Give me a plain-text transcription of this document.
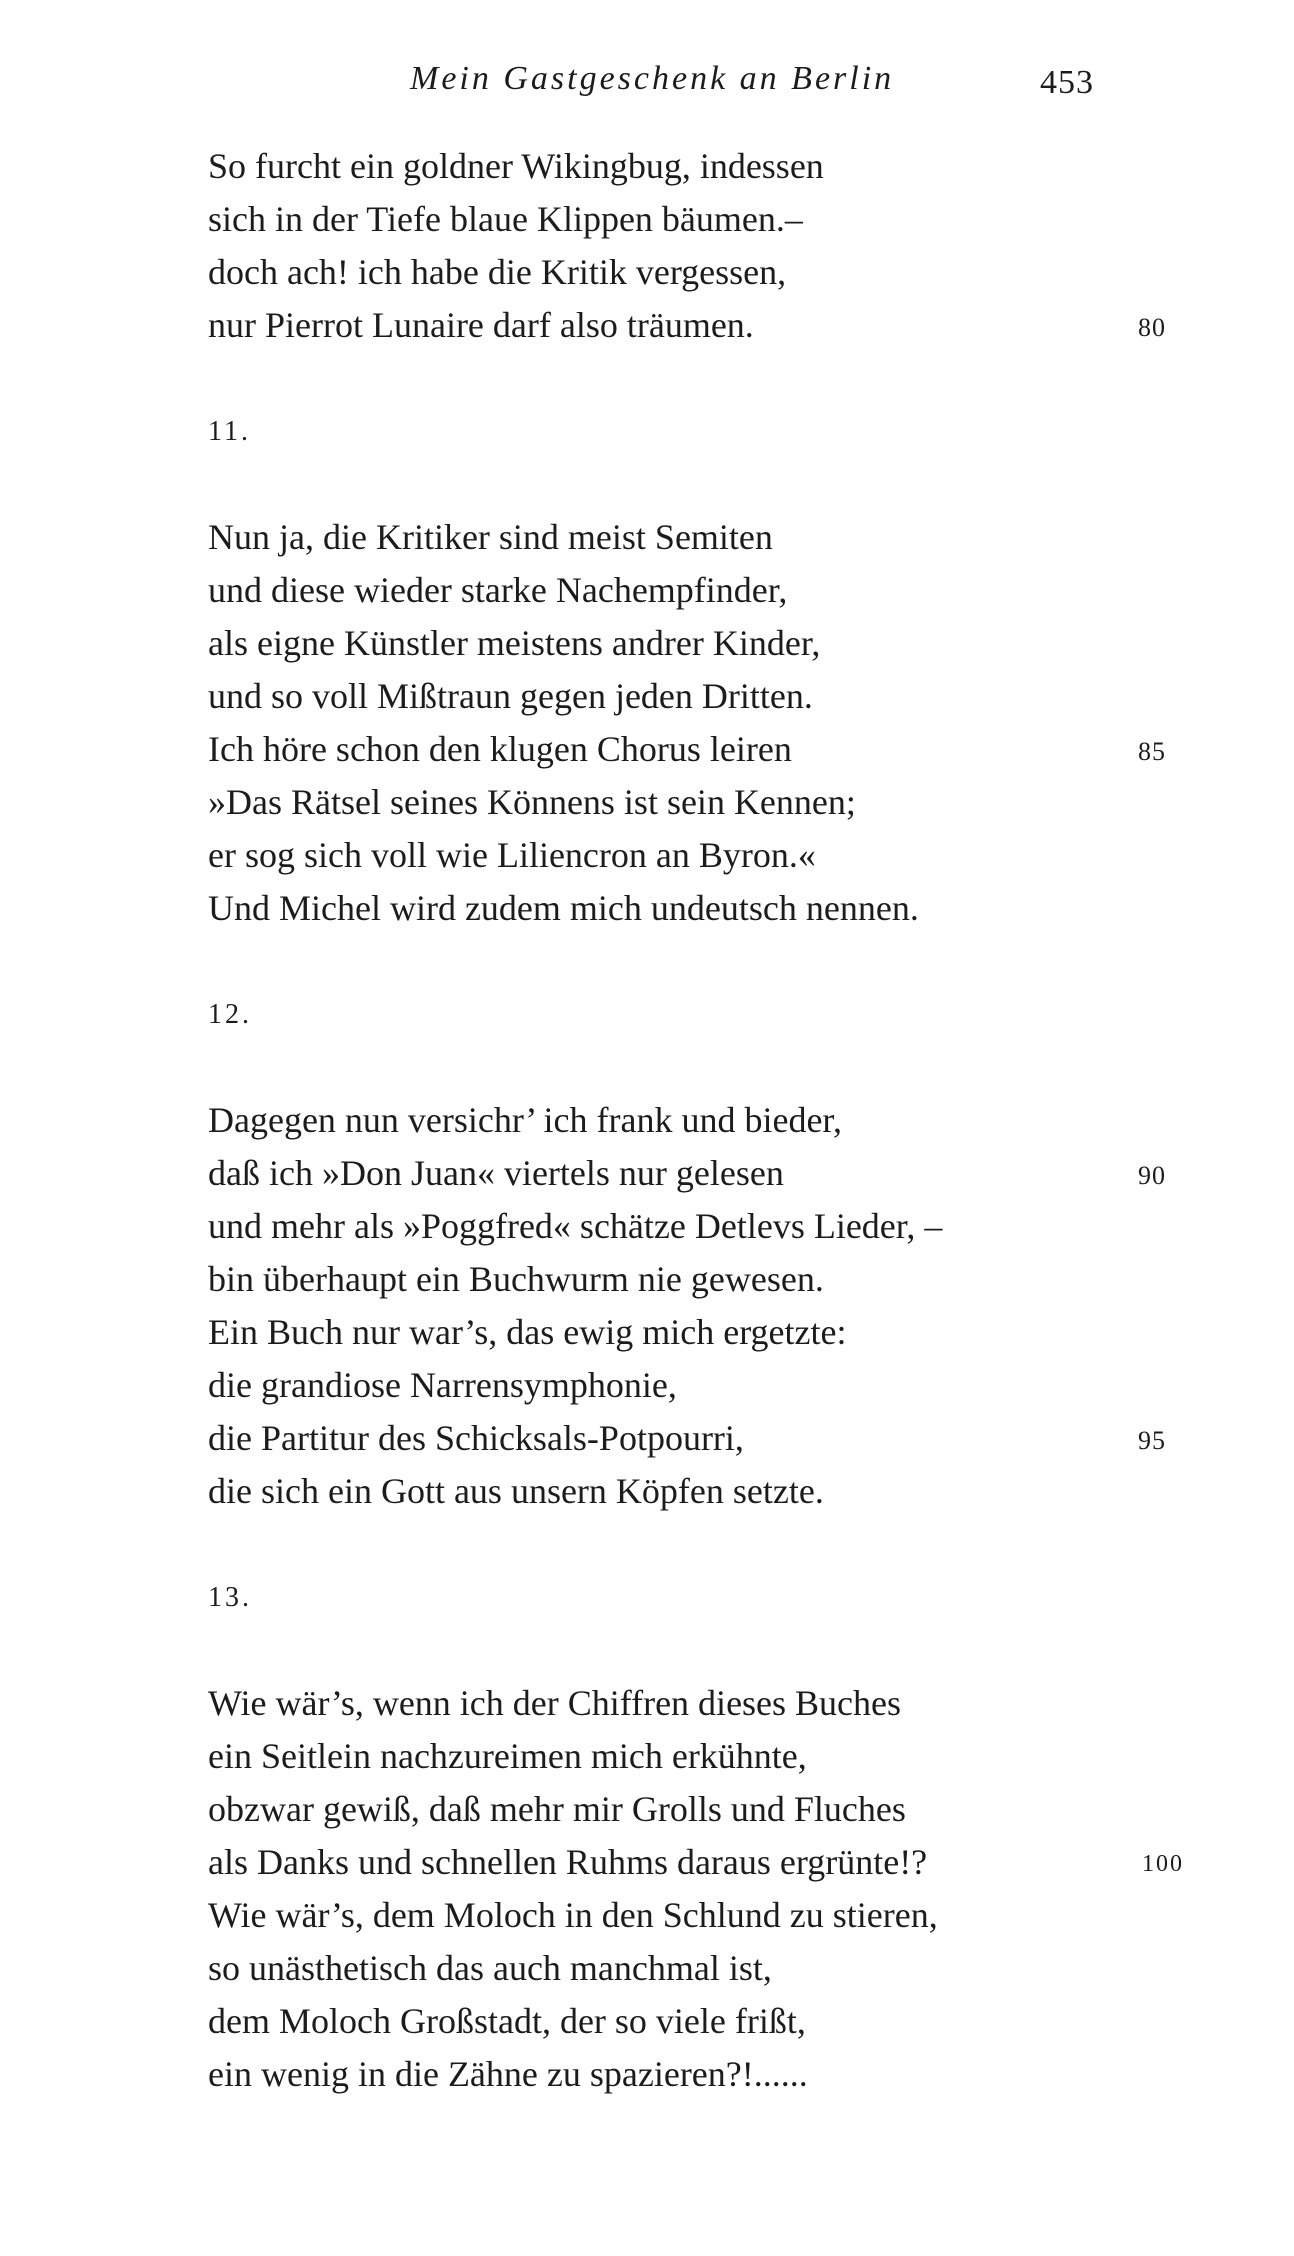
Mein Gastgeschenk an Berlin	453
So furcht ein goldner Wikingbug, indessen
sich in der Tiefe blaue Klippen bäumen.–
doch ach! ich habe die Kritik vergessen,
nur Pierrot Lunaire darf also träumen.	80
11.
Nun ja, die Kritiker sind meist Semiten
und diese wieder starke Nachempfinder,
als eigne Künstler meistens andrer Kinder,
und so voll Mißtraun gegen jeden Dritten.
Ich höre schon den klugen Chorus leiren	85
»Das Rätsel seines Könnens ist sein Kennen;
er sog sich voll wie Liliencron an Byron.«
Und Michel wird zudem mich undeutsch nennen.
12.
Dagegen nun versichr’ ich frank und bieder,
daß ich »Don Juan« viertels nur gelesen	90
und mehr als »Poggfred« schätze Detlevs Lieder, –
bin überhaupt ein Buchwurm nie gewesen.
Ein Buch nur war’s, das ewig mich ergetzte:
die grandiose Narrensymphonie,
die Partitur des Schicksals-Potpourri,	95
die sich ein Gott aus unsern Köpfen setzte.
13.
Wie wär’s, wenn ich der Chiffren dieses Buches
ein Seitlein nachzureimen mich erkühnte,
obzwar gewiß, daß mehr mir Grolls und Fluches
als Danks und schnellen Ruhms daraus ergrünte!?	100
Wie wär’s, dem Moloch in den Schlund zu stieren,
so unästhetisch das auch manchmal ist,
dem Moloch Großstadt, der so viele frißt,
ein wenig in die Zähne zu spazieren?!......
